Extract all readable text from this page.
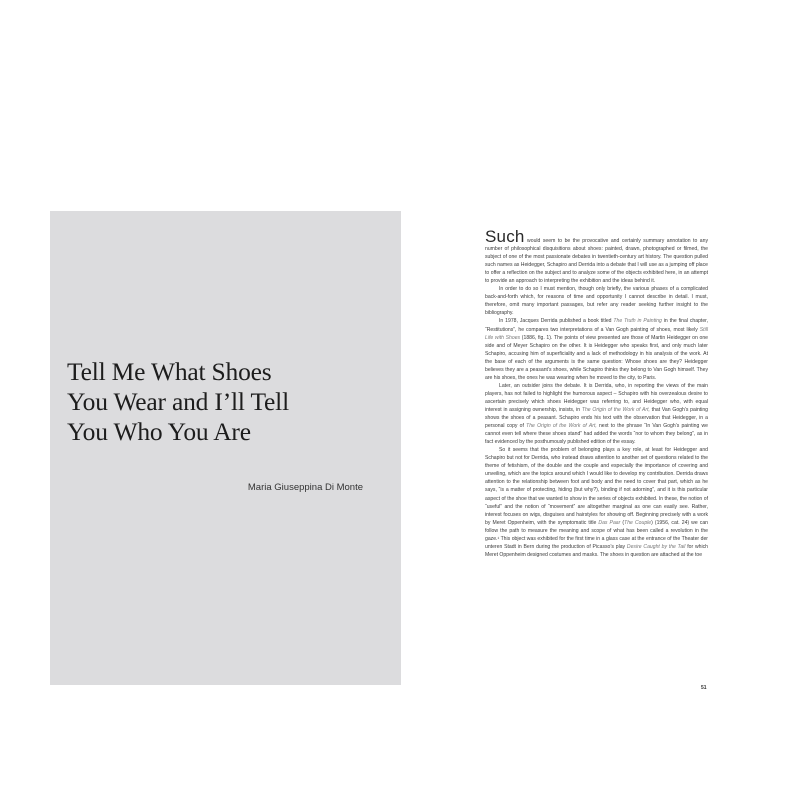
Tell Me What Shoes
You Wear and I’ll Tell
You Who You Are
Maria Giuseppina Di Monte

Such would seem to be the provocative and certainly summary annotation to any number of philosophical disquisitions about shoes: painted, drawn, photographed or filmed, the subject of one of the most passionate debates in twentieth-century art history. The question pulled such names as Heidegger, Schapiro and Derrida into a debate that I will use as a jumping off place to offer a reflection on the subject and to analyze some of the objects exhibited here, in an attempt to provide an approach to interpreting the exhibition and the ideas behind it.

In order to do so I must mention, though only briefly, the various phases of a complicated back-and-forth which, for reasons of time and opportunity I cannot describe in detail. I must, therefore, omit many important passages, but refer any reader seeking further insight to the bibliography.

In 1978, Jacques Derrida published a book titled The Truth in Painting in the final chapter, “Restitutions”, he compares two interpretations of a Van Gogh painting of shoes, most likely Still Life with Shoes (1886, fig. 1). The points of view presented are those of Martin Heidegger on one side and of Meyer Schapiro on the other. It is Heidegger who speaks first, and only much later Schapiro, accusing him of superficiality and a lack of methodology in his analysis of the work. At the base of each of the arguments is the same question: Whose shoes are they? Heidegger believes they are a peasant’s shoes, while Schapiro thinks they belong to Van Gogh himself. They are his shoes, the ones he was wearing when he moved to the city, to Paris.

Later, an outsider joins the debate. It is Derrida, who, in reporting the views of the main players, has not failed to highlight the humorous aspect – Schapiro with his overzealous desire to ascertain precisely which shoes Heidegger was referring to, and Heidegger who, with equal interest in assigning ownership, insists, in The Origin of the Work of Art, that Van Gogh’s painting shows the shoes of a peasant. Schapiro ends his text with the observation that Heidegger, in a personal copy of The Origin of the Work of Art, next to the phrase “In Van Gogh’s painting we cannot even tell where these shoes stand” had added the words “nor to whom they belong”, as in fact evidenced by the posthumously published edition of the essay.

So it seems that the problem of belonging plays a key role, at least for Heidegger and Schapiro but not for Derrida, who instead draws attention to another set of questions related to the theme of fetishism, of the double and the couple and especially the importance of covering and unveiling, which are the topics around which I would like to develop my contribution. Derrida draws attention to the relationship between foot and body and the need to cover that part, which as he says, “is a matter of protecting, hiding (but why?), binding if not adorning”, and it is this particular aspect of the shoe that we wanted to show in the series of objects exhibited. In these, the notion of “useful” and the notion of “movement” are altogether marginal as one can easily see. Rather, interest focuses on wigs, disguises and hairstyles for showing off. Beginning precisely with a work by Meret Oppenheim, with the symptomatic title Das Paar (The Couple) (1956, cat. 24) we can follow the path to measure the meaning and scope of what has been called a revolution in the gaze.¹ This object was exhibited for the first time in a glass case at the entrance of the Theater der unteren Stadt in Bern during the production of Picasso’s play Desire Caught by the Tail for which Meret Oppenheim designed costumes and masks. The shoes in question are attached at the toe

51
